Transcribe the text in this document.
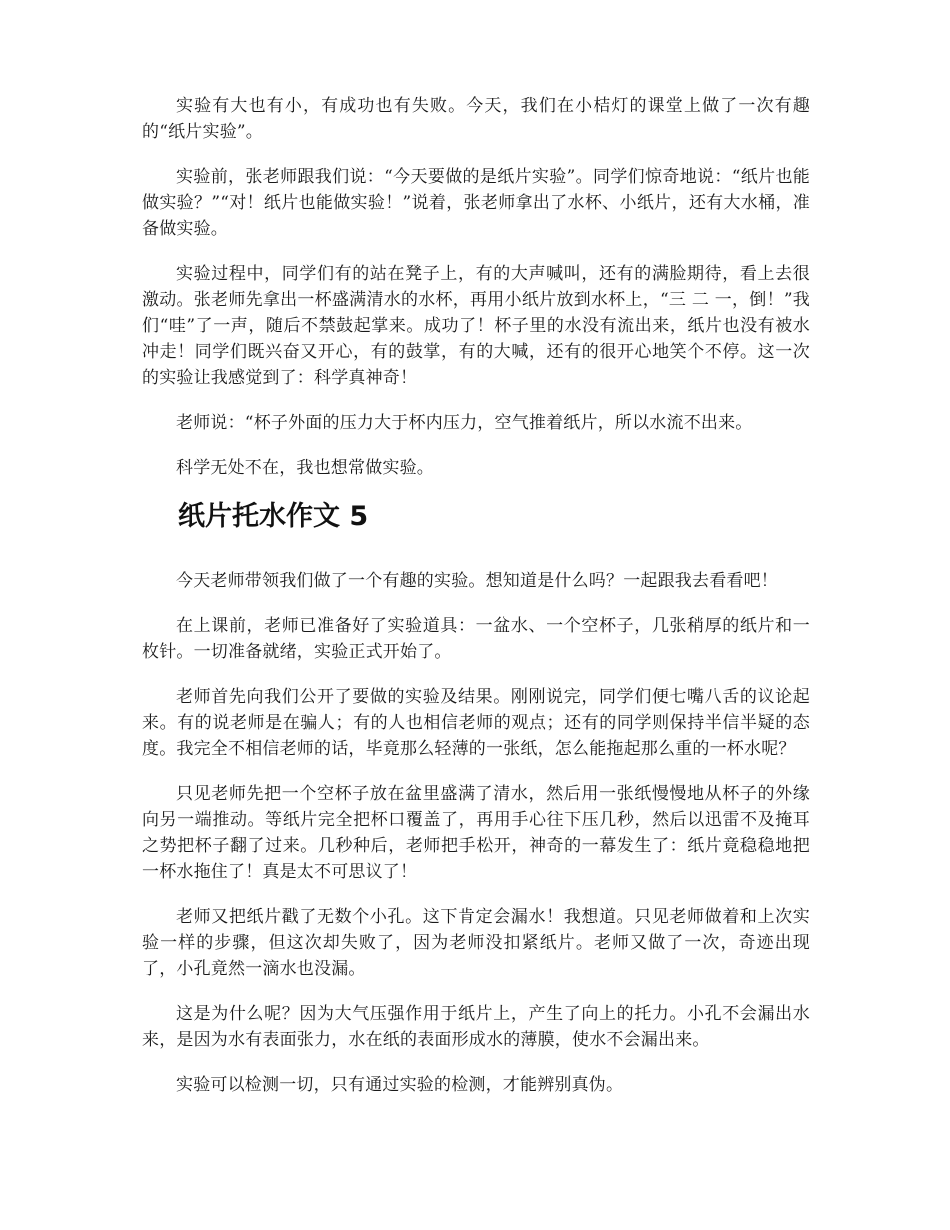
实验有大也有小，有成功也有失败。今天，我们在小桔灯的课堂上做了一次有趣的“纸片实验”。

实验前，张老师跟我们说：“今天要做的是纸片实验”。同学们惊奇地说：“纸片也能做实验？”“对！纸片也能做实验！”说着，张老师拿出了水杯、小纸片，还有大水桶，准备做实验。

实验过程中，同学们有的站在凳子上，有的大声喊叫，还有的满脸期待，看上去很激动。张老师先拿出一杯盛满清水的水杯，再用小纸片放到水杯上，“三 二 一，倒！”我们“哇”了一声，随后不禁鼓起掌来。成功了！杯子里的水没有流出来，纸片也没有被水冲走！同学们既兴奋又开心，有的鼓掌，有的大喊，还有的很开心地笑个不停。这一次的实验让我感觉到了：科学真神奇！

老师说：“杯子外面的压力大于杯内压力，空气推着纸片，所以水流不出来。

科学无处不在，我也想常做实验。

纸片托水作文 5

今天老师带领我们做了一个有趣的实验。想知道是什么吗？一起跟我去看看吧！

在上课前，老师已准备好了实验道具：一盆水、一个空杯子，几张稍厚的纸片和一枚针。一切准备就绪，实验正式开始了。

老师首先向我们公开了要做的实验及结果。刚刚说完，同学们便七嘴八舌的议论起来。有的说老师是在骗人；有的人也相信老师的观点；还有的同学则保持半信半疑的态度。我完全不相信老师的话，毕竟那么轻薄的一张纸，怎么能拖起那么重的一杯水呢？

只见老师先把一个空杯子放在盆里盛满了清水，然后用一张纸慢慢地从杯子的外缘向另一端推动。等纸片完全把杯口覆盖了，再用手心往下压几秒，然后以迅雷不及掩耳之势把杯子翻了过来。几秒种后，老师把手松开，神奇的一幕发生了：纸片竟稳稳地把一杯水拖住了！真是太不可思议了！

老师又把纸片戳了无数个小孔。这下肯定会漏水！我想道。只见老师做着和上次实验一样的步骤，但这次却失败了，因为老师没扣紧纸片。老师又做了一次，奇迹出现了，小孔竟然一滴水也没漏。

这是为什么呢？因为大气压强作用于纸片上，产生了向上的托力。小孔不会漏出水来，是因为水有表面张力，水在纸的表面形成水的薄膜，使水不会漏出来。

实验可以检测一切，只有通过实验的检测，才能辨别真伪。
